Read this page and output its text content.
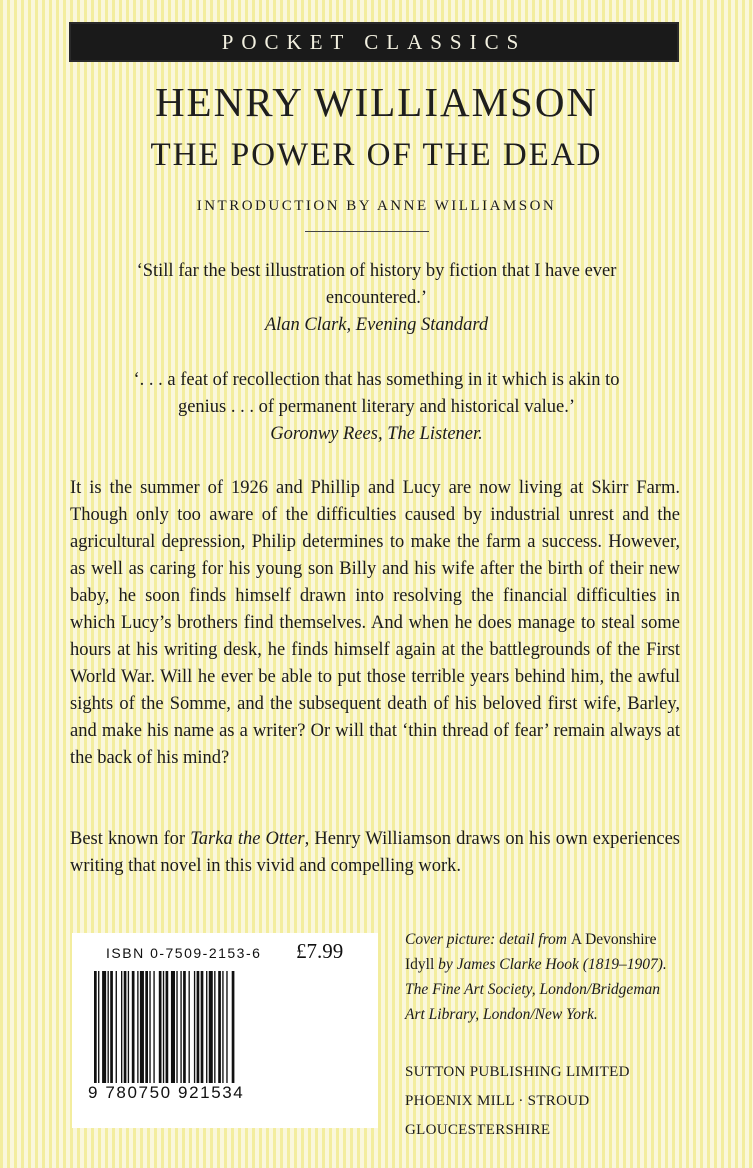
POCKET CLASSICS
HENRY WILLIAMSON
THE POWER OF THE DEAD
INTRODUCTION BY ANNE WILLIAMSON
‘Still far the best illustration of history by fiction that I have ever
encountered.’
Alan Clark, Evening Standard
‘. . . a feat of recollection that has something in it which is akin to
genius . . . of permanent literary and historical value.’
Goronwy Rees, The Listener.
It is the summer of 1926 and Phillip and Lucy are now living at Skirr Farm. Though only too aware of the difficulties caused by industrial unrest and the agricultural depression, Philip determines to make the farm a success. However, as well as caring for his young son Billy and his wife after the birth of their new baby, he soon finds himself drawn into resolving the financial difficulties in which Lucy’s brothers find themselves. And when he does manage to steal some hours at his writing desk, he finds himself again at the battlegrounds of the First World War. Will he ever be able to put those terrible years behind him, the awful sights of the Somme, and the subsequent death of his beloved first wife, Barley, and make his name as a writer? Or will that ‘thin thread of fear’ remain always at the back of his mind?
Best known for Tarka the Otter, Henry Williamson draws on his own experiences writing that novel in this vivid and compelling work.
ISBN 0-7509-2153-6 £7.99
9 780750 921534
Cover picture: detail from A Devonshire Idyll by James Clarke Hook (1819–1907). The Fine Art Society, London/Bridgeman Art Library, London/New York.
SUTTON PUBLISHING LIMITED
PHOENIX MILL · STROUD
GLOUCESTERSHIRE
